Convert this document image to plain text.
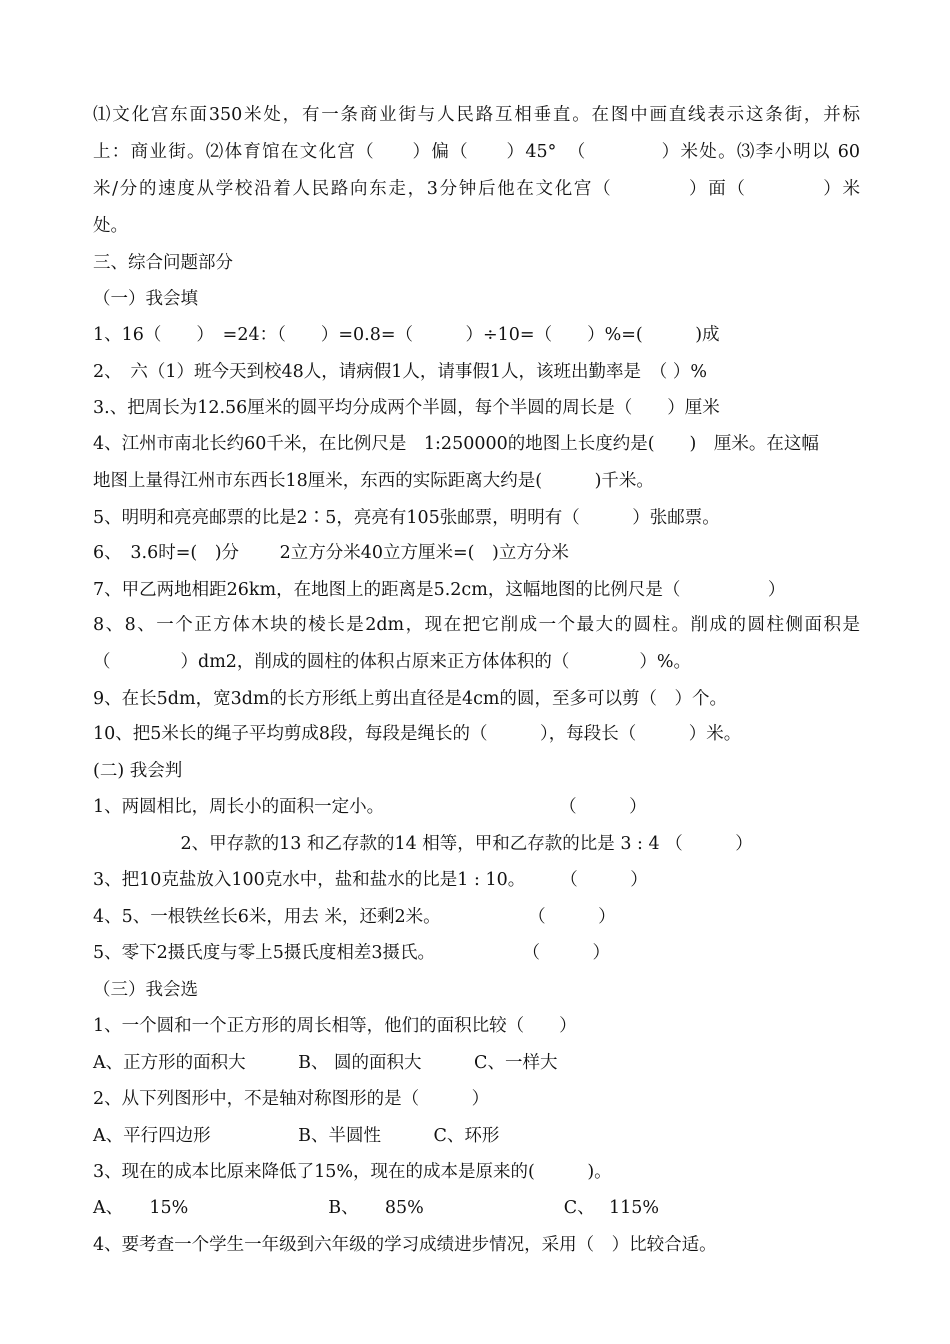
⑴文化宫东面350米处，有一条商业街与人民路互相垂直。在图中画直线表示这条街，并标
上：商业街。⑵体育馆在文化宫（　　）偏（　　）45°　（　　　　）米处。⑶李小明以 60
米/分的速度从学校沿着人民路向东走，3分钟后他在文化宫（　　　　）面（　　　　）米
处。
三、综合问题部分
（一）我会填
1、16（　　）　=24：（　　）=0.8=（　　　）÷10=（　　）%=(　　　)成
2、　六（1）班今天到校48人，请病假1人，请事假1人，该班出勤率是　（ ）%
3.、把周长为12.56厘米的圆平均分成两个半圆，每个半圆的周长是（　　）厘米
4、江州市南北长约60千米，在比例尺是　1:250000的地图上长度约是(　　)　厘米。在这幅
地图上量得江州市东西长18厘米，东西的实际距离大约是(　　　)千米。
5、明明和亮亮邮票的比是2∶5，亮亮有105张邮票，明明有（　　　）张邮票。
6、　3.6时=(　)分　　 2立方分米40立方厘米=(　)立方分米
7、甲乙两地相距26km，在地图上的距离是5.2cm，这幅地图的比例尺是（　　　　　）
8、8、一个正方体木块的棱长是2dm，现在把它削成一个最大的圆柱。削成的圆柱侧面积是
（　　　　）dm2，削成的圆柱的体积占原来正方体体积的（　　　　）%。
9、在长5dm，宽3dm的长方形纸上剪出直径是4cm的圆，至多可以剪（　）个。
10、把5米长的绳子平均剪成8段，每段是绳长的（　　　），每段长（　　　）米。
(二) 我会判
1、两圆相比，周长小的面积一定小。　　　　　　　　　　　（　　　）
　　　　　2、甲存款的13 和乙存款的14 相等，甲和乙存款的比是 3 : 4 （　　　）
3、把10克盐放入100克水中，盐和盐水的比是1 : 10。　　　（　　　）
4、5、一根铁丝长6米，用去 米，还剩2米。　　　　　　（　　　）
5、零下2摄氏度与零上5摄氏度相差3摄氏。　　　　　　（　　　）
（三）我会选
1、一个圆和一个正方形的周长相等，他们的面积比较（　　）
A、正方形的面积大　　　B、 圆的面积大　　　C、一样大
2、从下列图形中，不是轴对称图形的是（　　　）
A、平行四边形　　　　　B、半圆性　　　C、环形
3、现在的成本比原来降低了15%，现在的成本是原来的(　　　)。
A、　　15%　　　　　　　　B、　　85%　　　　　　　　C、　 115%
4、要考查一个学生一年级到六年级的学习成绩进步情况，采用（　）比较合适。
